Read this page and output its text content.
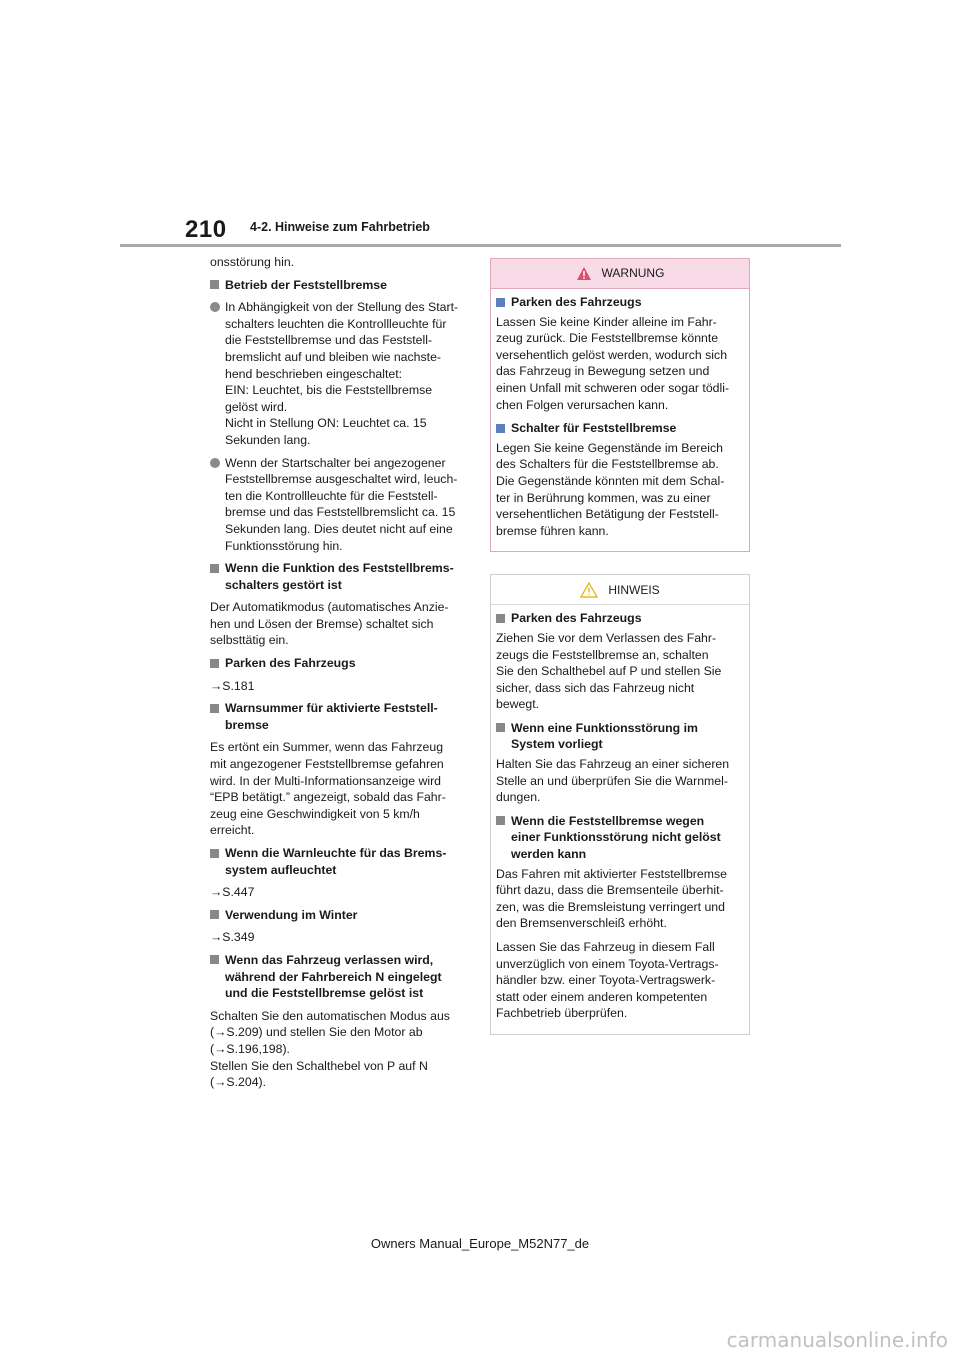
210 4-2. Hinweise zum Fahrbetrieb
onsstörung hin.
Betrieb der Feststellbremse
In Abhängigkeit von der Stellung des Start-
schalters leuchten die Kontrollleuchte für
die Feststellbremse und das Feststell-
bremslicht auf und bleiben wie nachste-
hend beschrieben eingeschaltet:
EIN: Leuchtet, bis die Feststellbremse
gelöst wird.
Nicht in Stellung ON: Leuchtet ca. 15
Sekunden lang.
Wenn der Startschalter bei angezogener
Feststellbremse ausgeschaltet wird, leuch-
ten die Kontrollleuchte für die Feststell-
bremse und das Feststellbremslicht ca. 15
Sekunden lang. Dies deutet nicht auf eine
Funktionsstörung hin.
Wenn die Funktion des Feststellbrems-
schalters gestört ist
Der Automatikmodus (automatisches Anzie-
hen und Lösen der Bremse) schaltet sich
selbsttätig ein.
Parken des Fahrzeugs
→S.181
Warnsummer für aktivierte Feststell-
bremse
Es ertönt ein Summer, wenn das Fahrzeug
mit angezogener Feststellbremse gefahren
wird. In der Multi-Informationsanzeige wird
“EPB betätigt.” angezeigt, sobald das Fahr-
zeug eine Geschwindigkeit von 5 km/h
erreicht.
Wenn die Warnleuchte für das Brems-
system aufleuchtet
→S.447
Verwendung im Winter
→S.349
Wenn das Fahrzeug verlassen wird,
während der Fahrbereich N eingelegt
und die Feststellbremse gelöst ist
Schalten Sie den automatischen Modus aus
(→S.209) und stellen Sie den Motor ab
(→S.196,198).
Stellen Sie den Schalthebel von P auf N
(→S.204).
WARNUNG
Parken des Fahrzeugs
Lassen Sie keine Kinder alleine im Fahr-
zeug zurück. Die Feststellbremse könnte
versehentlich gelöst werden, wodurch sich
das Fahrzeug in Bewegung setzen und
einen Unfall mit schweren oder sogar tödli-
chen Folgen verursachen kann.
Schalter für Feststellbremse
Legen Sie keine Gegenstände im Bereich
des Schalters für die Feststellbremse ab.
Die Gegenstände könnten mit dem Schal-
ter in Berührung kommen, was zu einer
versehentlichen Betätigung der Feststell-
bremse führen kann.
HINWEIS
Parken des Fahrzeugs
Ziehen Sie vor dem Verlassen des Fahr-
zeugs die Feststellbremse an, schalten
Sie den Schalthebel auf P und stellen Sie
sicher, dass sich das Fahrzeug nicht
bewegt.
Wenn eine Funktionsstörung im
System vorliegt
Halten Sie das Fahrzeug an einer sicheren
Stelle an und überprüfen Sie die Warnmel-
dungen.
Wenn die Feststellbremse wegen
einer Funktionsstörung nicht gelöst
werden kann
Das Fahren mit aktivierter Feststellbremse
führt dazu, dass die Bremsenteile überhit-
zen, was die Bremsleistung verringert und
den Bremsenverschleiß erhöht.
Lassen Sie das Fahrzeug in diesem Fall
unverzüglich von einem Toyota-Vertrags-
händler bzw. einer Toyota-Vertragswerk-
statt oder einem anderen kompetenten
Fachbetrieb überprüfen.
Owners Manual_Europe_M52N77_de
carmanualsonline.info
